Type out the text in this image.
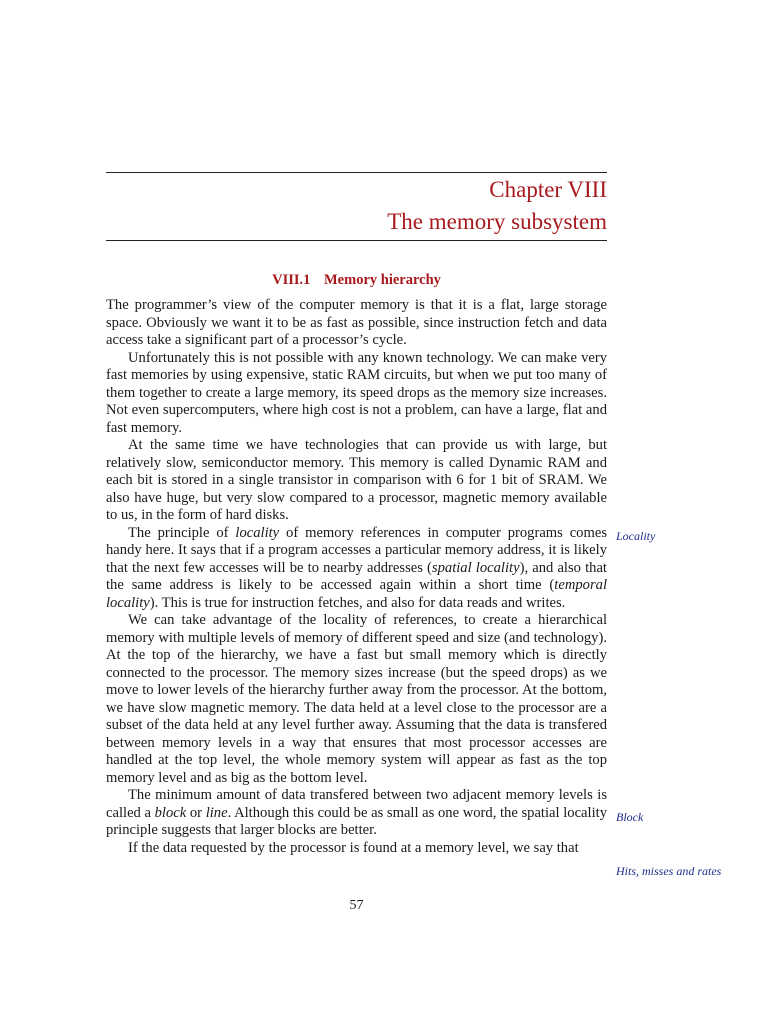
Chapter VIII
The memory subsystem
VIII.1 Memory hierarchy

The programmer’s view of the computer memory is that it is a flat, large storage space. Obviously we want it to be as fast as possible, since instruction fetch and data access take a significant part of a processor’s cycle.

Unfortunately this is not possible with any known technology. We can make very fast memories by using expensive, static RAM circuits, but when we put too many of them together to create a large memory, its speed drops as the memory size increases. Not even supercomputers, where high cost is not a problem, can have a large, flat and fast memory.

At the same time we have technologies that can provide us with large, but relatively slow, semiconductor memory. This memory is called Dynamic RAM and each bit is stored in a single transistor in comparison with 6 for 1 bit of SRAM. We also have huge, but very slow compared to a processor, magnetic memory available to us, in the form of hard disks.

The principle of locality of memory references in computer programs comes handy here. It says that if a program accesses a particular memory address, it is likely that the next few accesses will be to nearby addresses (spatial locality), and also that the same address is likely to be accessed again within a short time (temporal locality). This is true for instruction fetches, and also for data reads and writes.

We can take advantage of the locality of references, to create a hierarchical memory with multiple levels of memory of different speed and size (and technology). At the top of the hierarchy, we have a fast but small memory which is directly connected to the processor. The memory sizes increase (but the speed drops) as we move to lower levels of the hierarchy further away from the processor. At the bottom, we have slow magnetic memory. The data held at a level close to the processor are a subset of the data held at any level further away. Assuming that the data is transfered between memory levels in a way that ensures that most processor accesses are handled at the top level, the whole memory system will appear as fast as the top memory level and as big as the bottom level.

The minimum amount of data transfered between two adjacent memory levels is called a block or line. Although this could be as small as one word, the spatial locality principle suggests that larger blocks are better.

If the data requested by the processor is found at a memory level, we say that

Locality
Block
Hits, misses and rates
57
